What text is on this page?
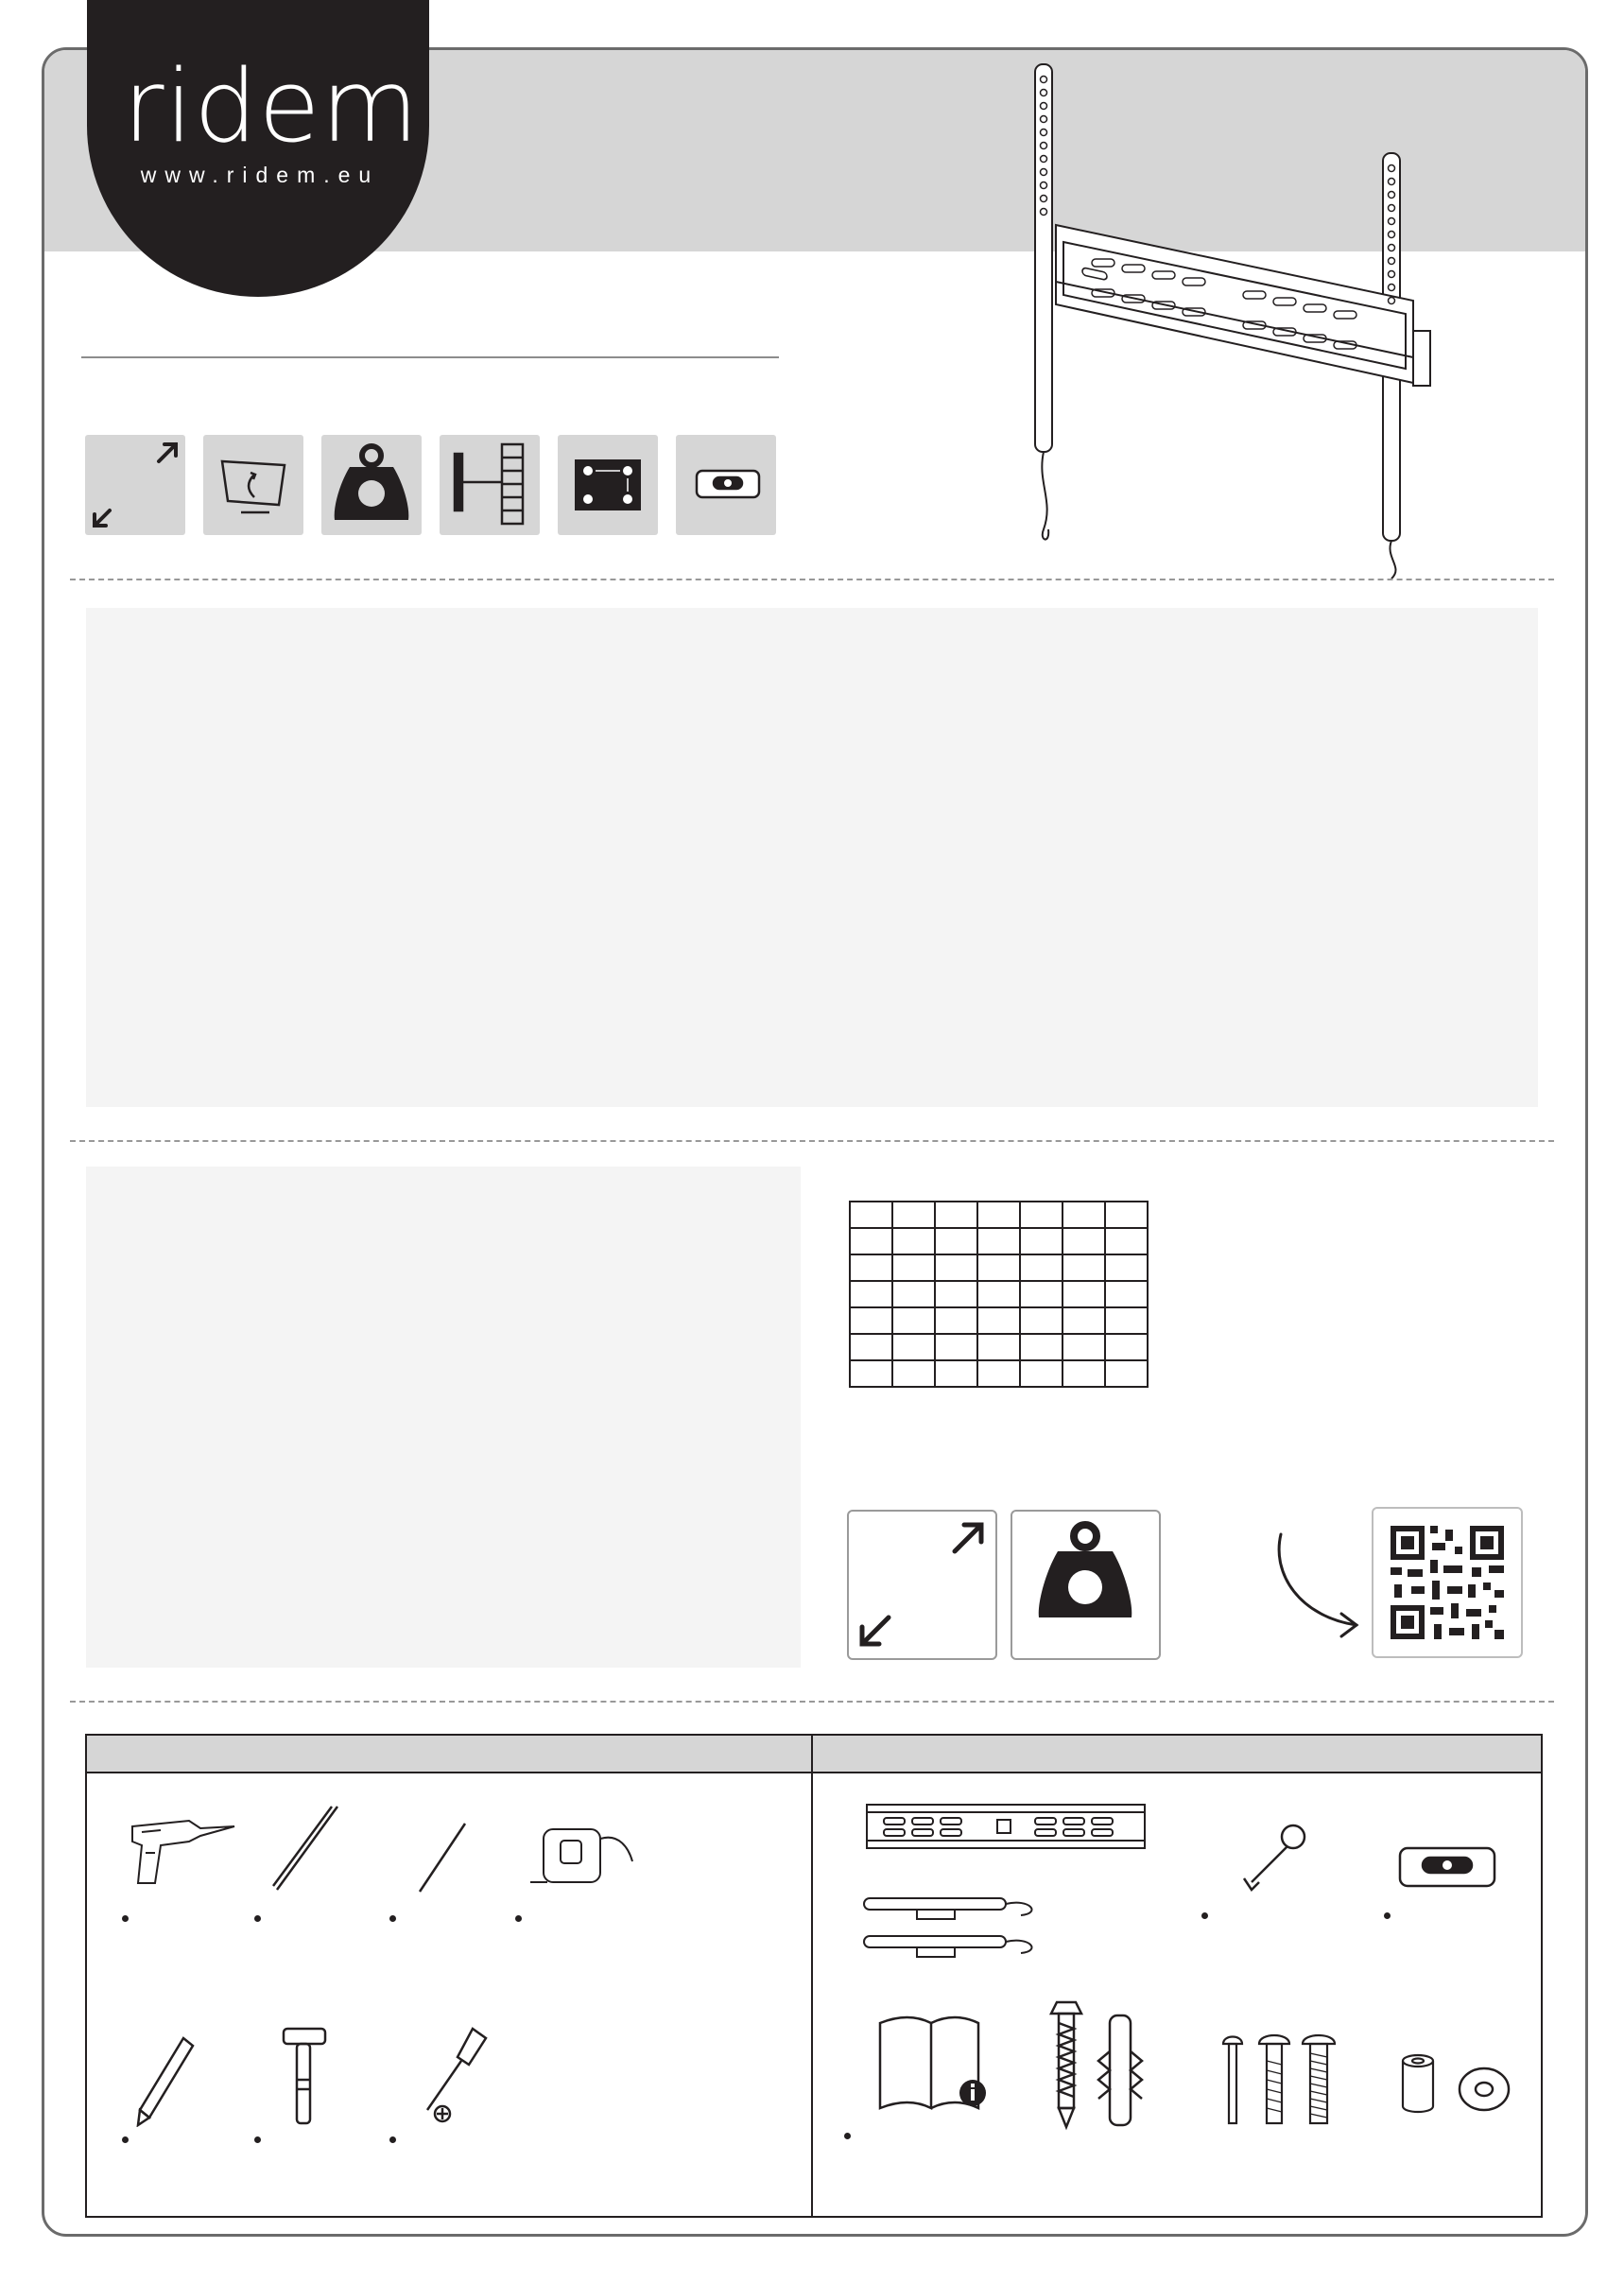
ridem
www.ridem.eu
